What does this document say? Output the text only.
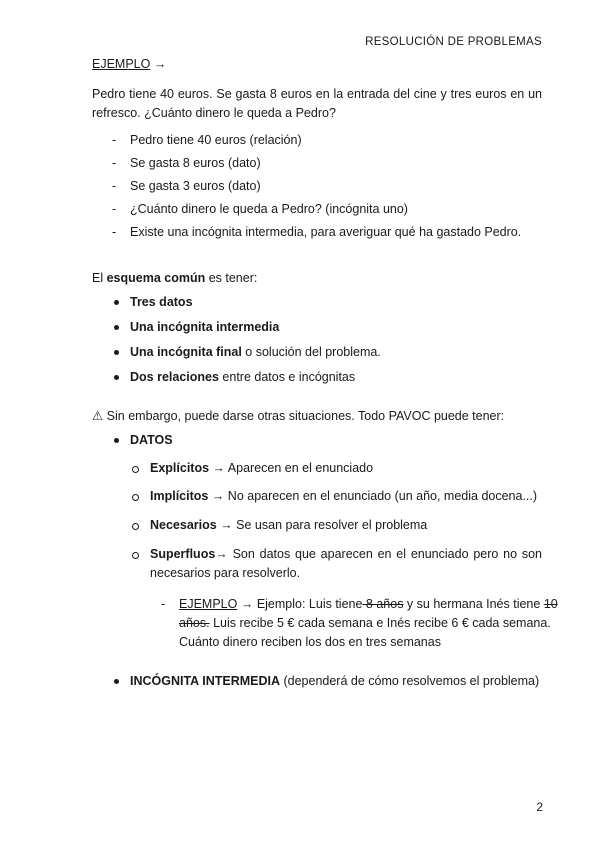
RESOLUCIÓN DE PROBLEMAS
EJEMPLO →
Pedro tiene 40 euros. Se gasta 8 euros en la entrada del cine y tres euros en un
refresco. ¿Cuánto dinero le queda a Pedro?
- Pedro tiene 40 euros (relación)
- Se gasta 8 euros (dato)
- Se gasta 3 euros (dato)
- ¿Cuánto dinero le queda a Pedro? (incógnita uno)
- Existe una incógnita intermedia, para averiguar qué ha gastado Pedro.
El esquema común es tener:
Tres datos
Una incógnita intermedia
Una incógnita final o solución del problema.
Dos relaciones entre datos e incógnitas
⚠ Sin embargo, puede darse otras situaciones. Todo PAVOC puede tener:
DATOS
Explícitos → Aparecen en el enunciado
Implícitos → No aparecen en el enunciado (un año, media docena...)
Necesarios → Se usan para resolver el problema
Superfluos→ Son datos que aparecen en el enunciado pero no son
necesarios para resolverlo.
- EJEMPLO → Ejemplo: Luis tiene 8 años y su hermana Inés tiene 10
años. Luis recibe 5 € cada semana e Inés recibe 6 € cada semana.
Cuánto dinero reciben los dos en tres semanas
INCÓGNITA INTERMEDIA (dependerá de cómo resolvemos el problema)
2
